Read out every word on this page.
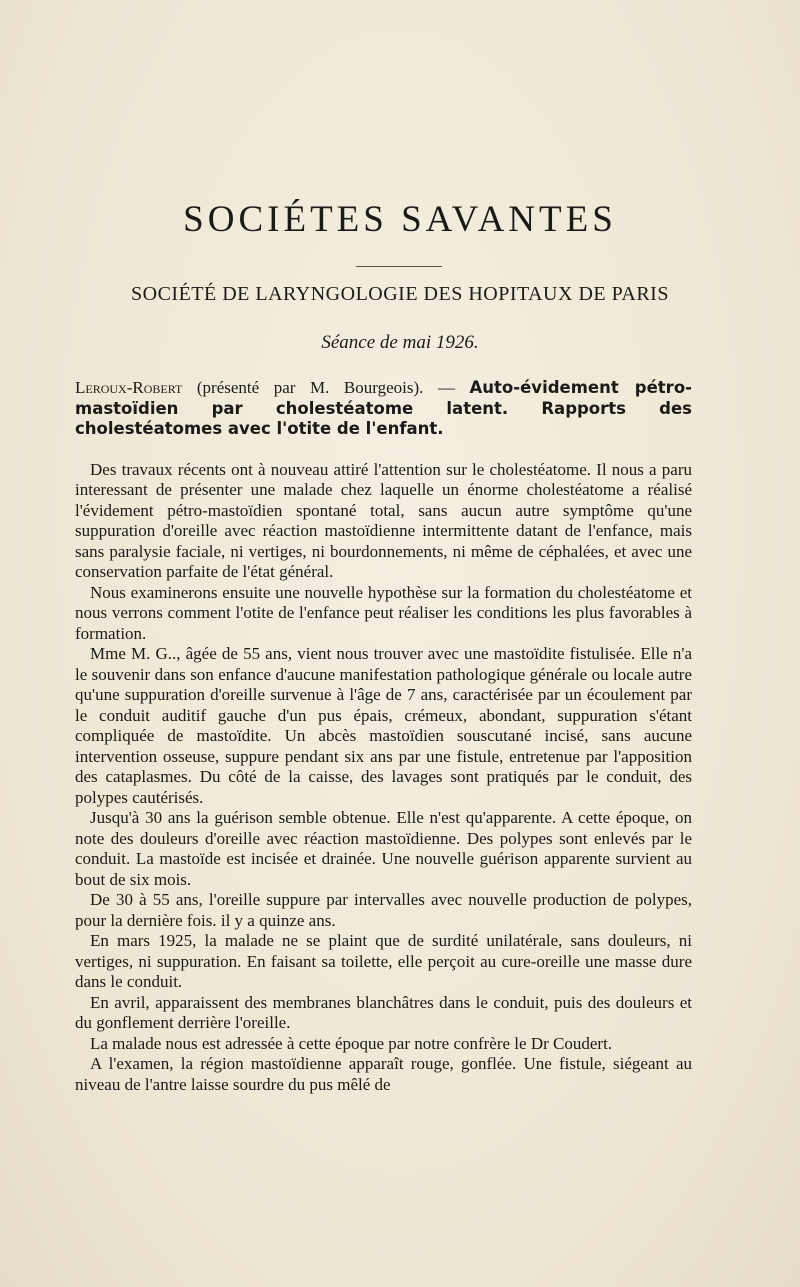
SOCIÉTES SAVANTES
SOCIÉTÉ DE LARYNGOLOGIE DES HOPITAUX DE PARIS
Séance de mai 1926.

Leroux-Robert (présenté par M. Bourgeois). — Auto-évidement pétro-mastoïdien par cholestéatome latent. Rapports des cholestéatomes avec l'otite de l'enfant.

Des travaux récents ont à nouveau attiré l'attention sur le cholestéatome. Il nous a paru interessant de présenter une malade chez laquelle un énorme cholestéatome a réalisé l'évidement pétro-mastoïdien spontané total, sans aucun autre symptôme qu'une suppuration d'oreille avec réaction mastoïdienne intermittente datant de l'enfance, mais sans paralysie faciale, ni vertiges, ni bourdonnements, ni même de céphalées, et avec une conservation parfaite de l'état général.

Nous examinerons ensuite une nouvelle hypothèse sur la formation du cholestéatome et nous verrons comment l'otite de l'enfance peut réaliser les conditions les plus favorables à formation.

Mme M. G.., âgée de 55 ans, vient nous trouver avec une mastoïdite fistulisée. Elle n'a le souvenir dans son enfance d'aucune manifestation pathologique générale ou locale autre qu'une suppuration d'oreille survenue à l'âge de 7 ans, caractérisée par un écoulement par le conduit auditif gauche d'un pus épais, crémeux, abondant, suppuration s'étant compliquée de mastoïdite. Un abcès mastoïdien souscutané incisé, sans aucune intervention osseuse, suppure pendant six ans par une fistule, entretenue par l'apposition des cataplasmes. Du côté de la caisse, des lavages sont pratiqués par le conduit, des polypes cautérisés.

Jusqu'à 30 ans la guérison semble obtenue. Elle n'est qu'apparente. A cette époque, on note des douleurs d'oreille avec réaction mastoïdienne. Des polypes sont enlevés par le conduit. La mastoïde est incisée et drainée. Une nouvelle guérison apparente survient au bout de six mois.

De 30 à 55 ans, l'oreille suppure par intervalles avec nouvelle production de polypes, pour la dernière fois. il y a quinze ans.

En mars 1925, la malade ne se plaint que de surdité unilatérale, sans douleurs, ni vertiges, ni suppuration. En faisant sa toilette, elle perçoit au cure-oreille une masse dure dans le conduit.

En avril, apparaissent des membranes blanchâtres dans le conduit, puis des douleurs et du gonflement derrière l'oreille.

La malade nous est adressée à cette époque par notre confrère le Dr Coudert.

A l'examen, la région mastoïdienne apparaît rouge, gonflée. Une fistule, siégeant au niveau de l'antre laisse sourdre du pus mêlé de
